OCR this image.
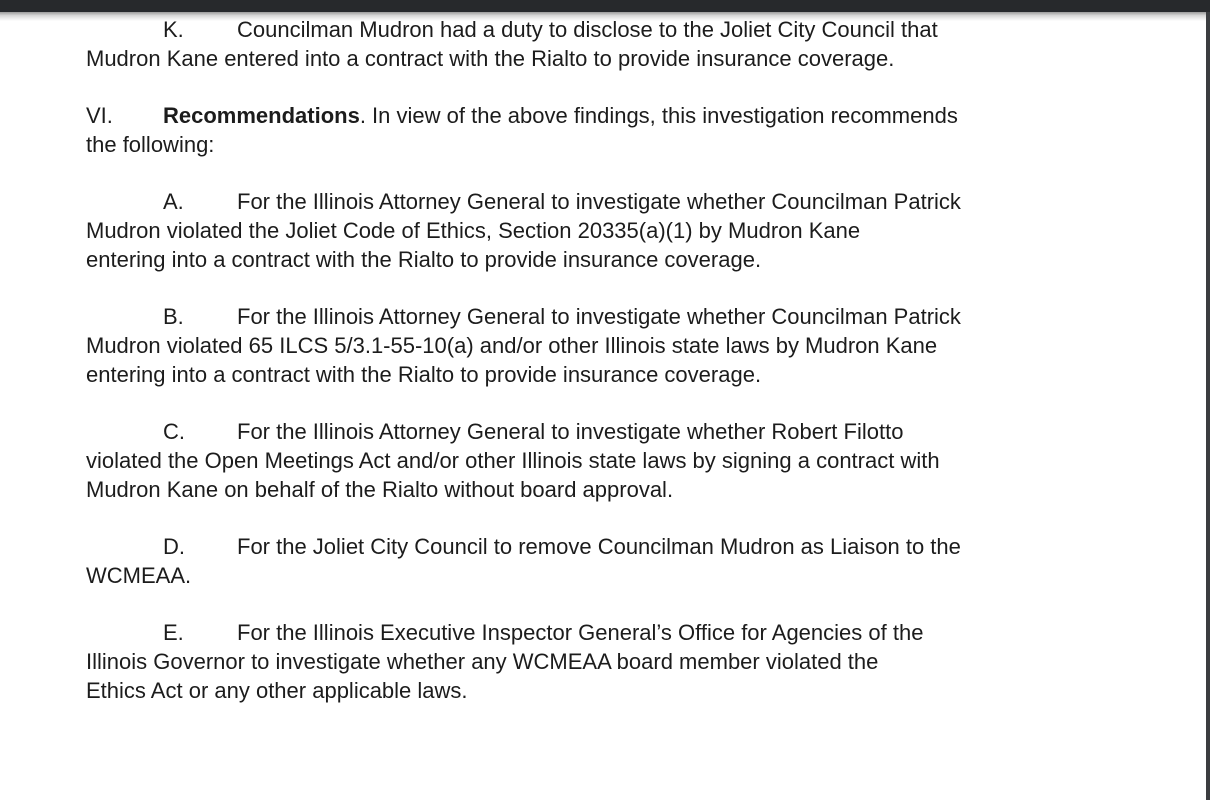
K. Councilman Mudron had a duty to disclose to the Joliet City Council that
Mudron Kane entered into a contract with the Rialto to provide insurance coverage.
VI. Recommendations. In view of the above findings, this investigation recommends
the following:
A. For the Illinois Attorney General to investigate whether Councilman Patrick
Mudron violated the Joliet Code of Ethics, Section 20335(a)(1) by Mudron Kane
entering into a contract with the Rialto to provide insurance coverage.
B. For the Illinois Attorney General to investigate whether Councilman Patrick
Mudron violated 65 ILCS 5/3.1-55-10(a) and/or other Illinois state laws by Mudron Kane
entering into a contract with the Rialto to provide insurance coverage.
C. For the Illinois Attorney General to investigate whether Robert Filotto
violated the Open Meetings Act and/or other Illinois state laws by signing a contract with
Mudron Kane on behalf of the Rialto without board approval.
D. For the Joliet City Council to remove Councilman Mudron as Liaison to the
WCMEAA.
E. For the Illinois Executive Inspector General’s Office for Agencies of the
Illinois Governor to investigate whether any WCMEAA board member violated the
Ethics Act or any other applicable laws.
